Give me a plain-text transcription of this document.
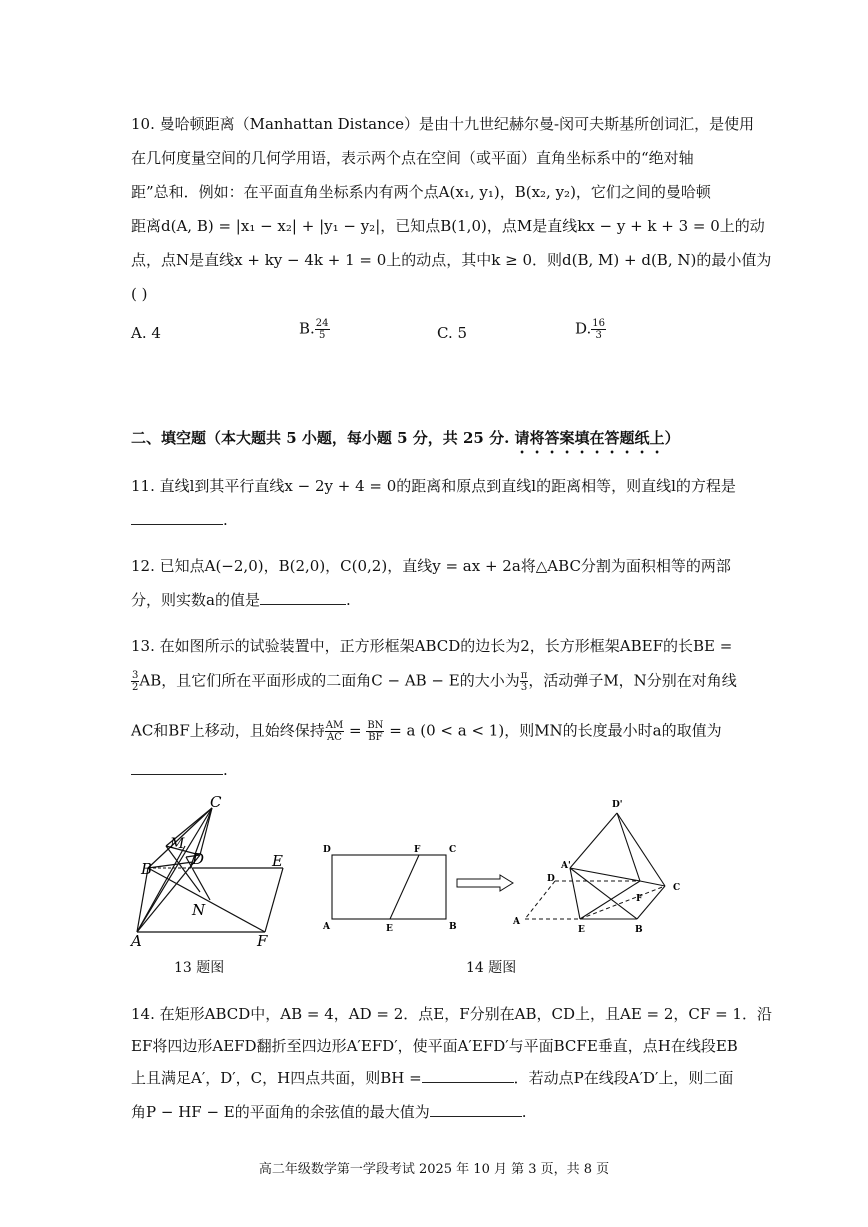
10. 曼哈顿距离（Manhattan Distance）是由十九世纪赫尔曼-闵可夫斯基所创词汇，是使用
在几何度量空间的几何学用语，表示两个点在空间（或平面）直角坐标系中的“绝对轴
距”总和．例如：在平面直角坐标系内有两个点A(x₁, y₁)，B(x₂, y₂)，它们之间的曼哈顿
距离d(A, B) = |x₁ − x₂| + |y₁ − y₂|，已知点B(1,0)，点M是直线kx − y + k + 3 = 0上的动
点，点N是直线x + ky − 4k + 1 = 0上的动点，其中k ≥ 0．则d(B, M) + d(B, N)的最小值为
( )
A. 4	B. $\frac{24}{5}$	C. 5	D. $\frac{16}{3}$
二、填空题（本大题共 5 小题，每小题 5 分，共 25 分. 请将答案填在答题纸上）
11. 直线l到其平行直线x − 2y + 4 = 0的距离和原点到直线l的距离相等，则直线l的方程是
.
12. 已知点A(−2,0)，B(2,0)，C(0,2)，直线y = ax + 2a将△ABC分割为面积相等的两部
分，则实数a的值是	.
13. 在如图所示的试验装置中，正方形框架ABCD的边长为2，长方形框架ABEF的长BE =
$\frac{3}{2}$ AB，且它们所在平面形成的二面角C − AB − E的大小为 $\frac{\pi}{3}$ ，活动弹子M，N分别在对角线
AC和BF上移动，且始终保持 $\frac{AM}{AC} = \frac{BN}{BF} = a$ (0 < a < 1)，则MN的长度最小时a的取值为
.
C
M
B
D	E
N
A	F
D	F	C
A	E	B
D'
A'
D
F
C
A
E	B
13 题图	14 题图
14. 在矩形ABCD中，AB = 4，AD = 2．点E，F分别在AB，CD上，且AE = 2，CF = 1．沿
EF将四边形AEFD翻折至四边形A′EFD′，使平面A′EFD′与平面BCFE垂直，点H在线段EB
上且满足A′，D′，C，H四点共面，则BH =	．若动点P在线段A′D′上，则二面
角P − HF − E的平面角的余弦值的最大值为	.
高二年级数学第一学段考试 2025 年 10 月 第 3 页，共 8 页
